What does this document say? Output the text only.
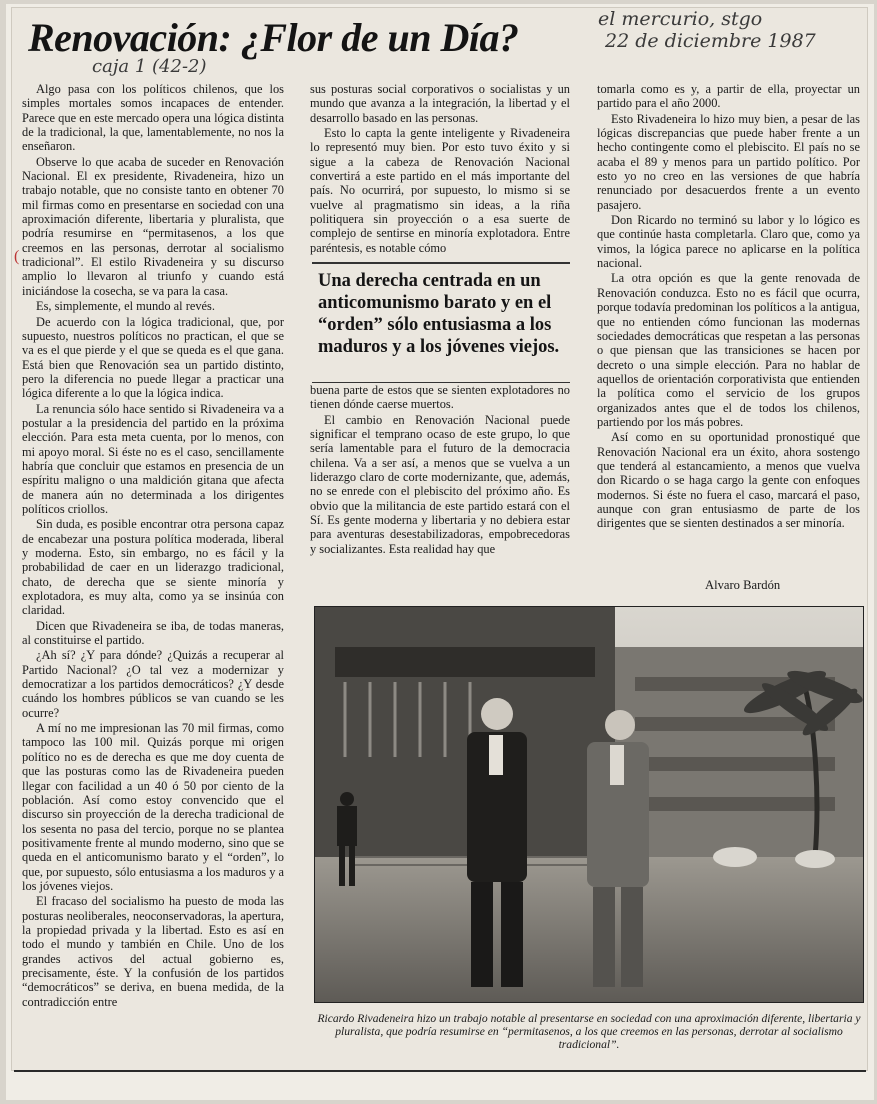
Renovación: ¿Flor de un Día?	el mercurio, stgo
22 de diciembre 1987
caja 1 (42-2)
(

Algo pasa con los políticos chilenos, que los simples mortales somos incapaces de entender. Parece que en este mercado opera una lógica distinta de la tradicional, la que, lamentablemente, no nos la enseñaron.

Observe lo que acaba de suceder en Renovación Nacional. El ex presidente, Rivadeneira, hizo un trabajo notable, que no consiste tanto en obtener 70 mil firmas como en presentarse en sociedad con una aproximación diferente, libertaria y pluralista, que podría resumirse en “permitasenos, a los que creemos en las personas, derrotar al socialismo tradicional”. El estilo Rivadeneira y su discurso amplio lo llevaron al triunfo y cuando está iniciándose la cosecha, se va para la casa.

Es, simplemente, el mundo al revés.

De acuerdo con la lógica tradicional, que, por supuesto, nuestros políticos no practican, el que se va es el que pierde y el que se queda es el que gana. Está bien que Renovación sea un partido distinto, pero la diferencia no puede llegar a practicar una lógica diferente a lo que la lógica indica.

La renuncia sólo hace sentido si Rivadeneira va a postular a la presidencia del partido en la próxima elección. Para esta meta cuenta, por lo menos, con mi apoyo moral. Si éste no es el caso, sencillamente habría que concluir que estamos en presencia de un espíritu maligno o una maldición gitana que afecta de manera aún no determinada a los dirigentes políticos criollos.

Sin duda, es posible encontrar otra persona capaz de encabezar una postura política moderada, liberal y moderna. Esto, sin embargo, no es fácil y la probabilidad de caer en un liderazgo tradicional, chato, de derecha que se siente minoría y explotadora, es muy alta, como ya se insinúa con claridad.

Dicen que Rivadeneira se iba, de todas maneras, al constituirse el partido.

¿Ah sí? ¿Y para dónde? ¿Quizás a recuperar al Partido Nacional? ¿O tal vez a modernizar y democratizar a los partidos democráticos? ¿Y desde cuándo los hombres públicos se van cuando se les ocurre?

A mí no me impresionan las 70 mil firmas, como tampoco las 100 mil. Quizás porque mi origen político no es de derecha es que me doy cuenta de que las posturas como las de Rivadeneira pueden llegar con facilidad a un 40 ó 50 por ciento de la población. Así como estoy convencido que el discurso sin proyección de la derecha tradicional de los sesenta no pasa del tercio, porque no se plantea positivamente frente al mundo moderno, sino que se queda en el anticomunismo barato y el “orden”, lo que, por supuesto, sólo entusiasma a los maduros y a los jóvenes viejos.

El fracaso del socialismo ha puesto de moda las posturas neoliberales, neoconservadoras, la apertura, la propiedad privada y la libertad. Esto es así en todo el mundo y también en Chile. Uno de los grandes activos del actual gobierno es, precisamente, éste. Y la confusión de los partidos “democráticos” se deriva, en buena medida, de la contradicción entre

sus posturas social corporativos o socialistas y un mundo que avanza a la integración, la libertad y el desarrollo basado en las personas.

Esto lo capta la gente inteligente y Rivadeneira lo representó muy bien. Por esto tuvo éxito y si sigue a la cabeza de Renovación Nacional convertirá a este partido en el más importante del país. No ocurrirá, por supuesto, lo mismo si se vuelve al pragmatismo sin ideas, a la riña politiquera sin proyección o a esa suerte de complejo de sentirse en minoría explotadora. Entre paréntesis, es notable cómo

Una derecha centrada en un anticomunismo barato y en el “orden” sólo entusiasma a los maduros y a los jóvenes viejos.

buena parte de estos que se sienten explotadores no tienen dónde caerse muertos.

El cambio en Renovación Nacional puede significar el temprano ocaso de este grupo, lo que sería lamentable para el futuro de la democracia chilena. Va a ser así, a menos que se vuelva a un liderazgo claro de corte modernizante, que, además, no se enrede con el plebiscito del próximo año. Es obvio que la militancia de este partido estará con el Sí. Es gente moderna y libertaria y no debiera estar para aventuras desestabilizadoras, empobrecedoras y socializantes. Esta realidad hay que

tomarla como es y, a partir de ella, proyectar un partido para el año 2000.

Esto Rivadeneira lo hizo muy bien, a pesar de las lógicas discrepancias que puede haber frente a un hecho contingente como el plebiscito. El país no se acaba el 89 y menos para un partido político. Por esto yo no creo en las versiones de que habría renunciado por desacuerdos frente a un evento pasajero.

Don Ricardo no terminó su labor y lo lógico es que continúe hasta completarla. Claro que, como ya vimos, la lógica parece no aplicarse en la política nacional.

La otra opción es que la gente renovada de Renovación conduzca. Esto no es fácil que ocurra, porque todavía predominan los políticos a la antigua, que no entienden cómo funcionan las modernas sociedades democráticas que respetan a las personas o que piensan que las transiciones se hacen por decreto o una simple elección. Para no hablar de aquellos de orientación corporativista que entienden la política como el servicio de los grupos organizados antes que el de todos los chilenos, partiendo por los más pobres.

Así como en su oportunidad pronostiqué que Renovación Nacional era un éxito, ahora sostengo que tenderá al estancamiento, a menos que vuelva don Ricardo o se haga cargo la gente con enfoques modernos. Si éste no fuera el caso, marcará el paso, aunque con gran entusiasmo de parte de los dirigentes que se sienten destinados a ser minoría.

Alvaro Bardón
Ricardo Rivadeneira hizo un trabajo notable al presentarse en sociedad con una aproximación diferente, libertaria y pluralista, que podría resumirse en “permitasenos, a los que creemos en las personas, derrotar al socialismo tradicional”.
